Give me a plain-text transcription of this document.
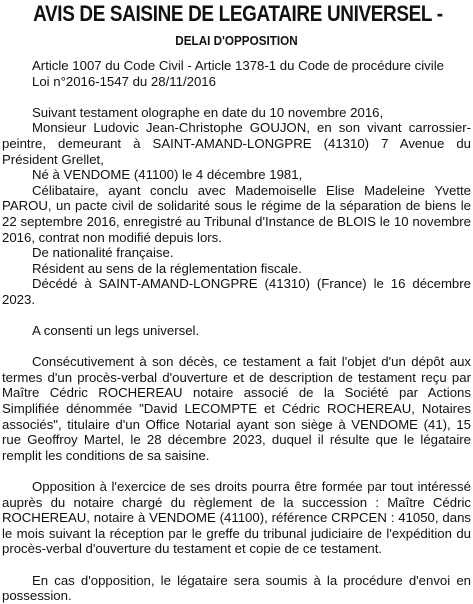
AVIS DE SAISINE DE LEGATAIRE UNIVERSEL -
DELAI D'OPPOSITION

Article 1007 du Code Civil - Article 1378-1 du Code de procédure civile

Loi n°2016-1547 du 28/11/2016

Suivant testament olographe en date du 10 novembre 2016,

Monsieur Ludovic Jean-Christophe GOUJON, en son vivant carrossier-peintre, demeurant à SAINT-AMAND-LONGPRE (41310) 7 Avenue du Président Grellet,

Né à VENDOME (41100) le 4 décembre 1981,

Célibataire, ayant conclu avec Mademoiselle Elise Madeleine Yvette PAROU, un pacte civil de solidarité sous le régime de la séparation de biens le 22 septembre 2016, enregistré au Tribunal d'Instance de BLOIS le 10 novembre 2016, contrat non modifié depuis lors.

De nationalité française.

Résident au sens de la réglementation fiscale.

Décédé à SAINT-AMAND-LONGPRE (41310) (France) le 16 décembre 2023.

A consenti un legs universel.

Consécutivement à son décès, ce testament a fait l'objet d'un dépôt aux termes d'un procès-verbal d'ouverture et de description de testament reçu par Maître Cédric ROCHEREAU notaire associé de la Société par Actions Simplifiée dénommée "David LECOMPTE et Cédric ROCHEREAU, Notaires associés", titulaire d'un Office Notarial ayant son siège à VENDOME (41), 15 rue Geoffroy Martel, le 28 décembre 2023, duquel il résulte que le légataire remplit les conditions de sa saisine.

Opposition à l'exercice de ses droits pourra être formée par tout intéressé auprès du notaire chargé du règlement de la succession : Maître Cédric ROCHEREAU, notaire à VENDOME (41100), référence CRPCEN : 41050, dans le mois suivant la réception par le greffe du tribunal judiciaire de l'expédition du procès-verbal d'ouverture du testament et copie de ce testament.

En cas d'opposition, le légataire sera soumis à la procédure d'envoi en possession.
